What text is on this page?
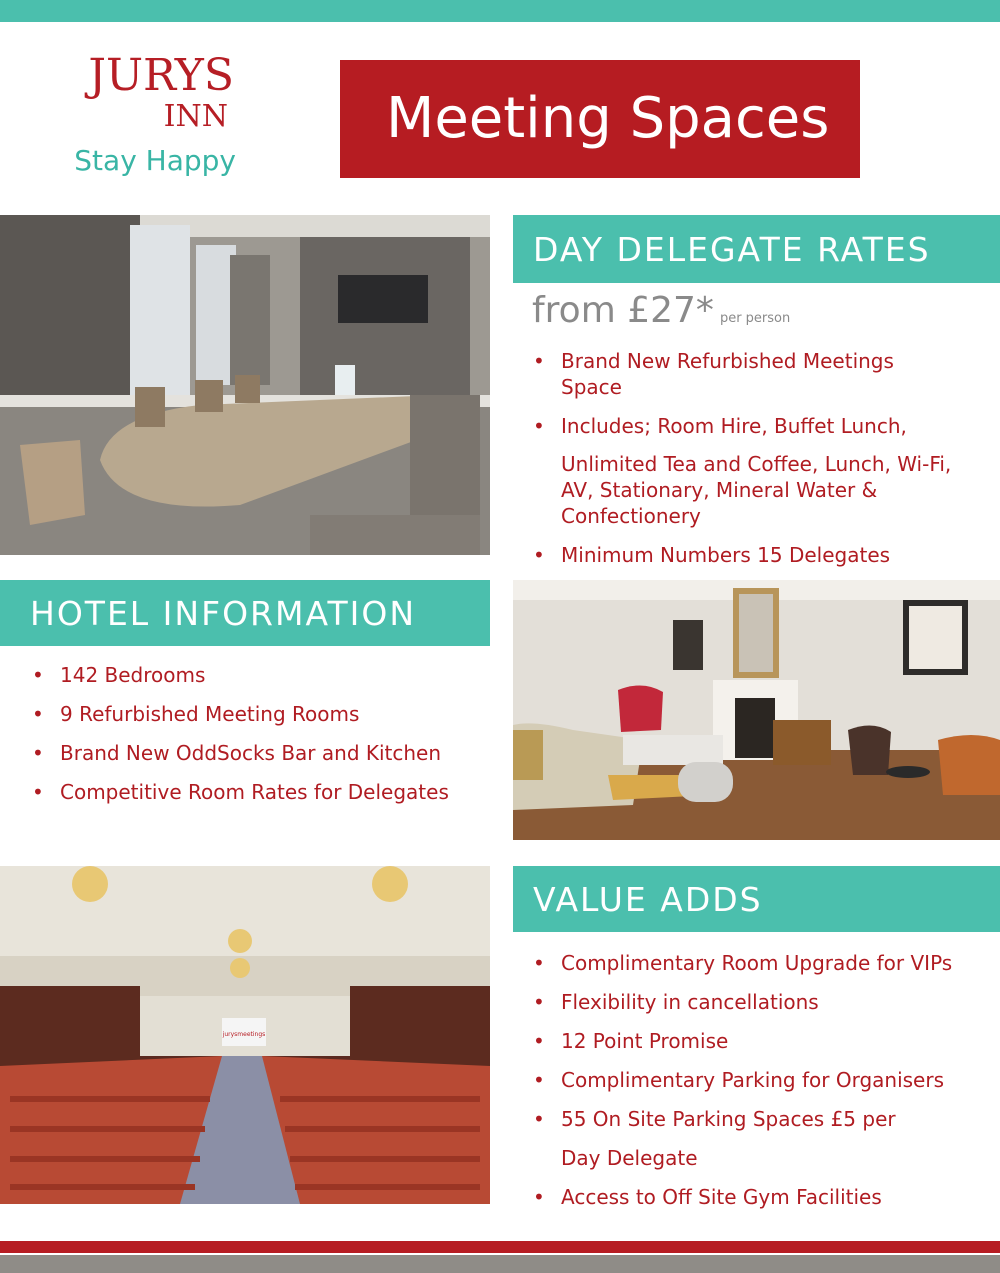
JURYS
INN
Stay Happy
Meeting Spaces
DAY DELEGATE RATES
from £27* per person
• Brand New Refurbished Meetings Space
• Includes; Room Hire, Buffet Lunch,
Unlimited Tea and Coffee, Lunch, Wi-Fi, AV, Stationary, Mineral Water & Confectionery
• Minimum Numbers 15 Delegates
HOTEL INFORMATION
• 142 Bedrooms
• 9 Refurbished Meeting Rooms
• Brand New OddSocks Bar and Kitchen
• Competitive Room Rates for Delegates
jurysmeetings
VALUE ADDS
• Complimentary Room Upgrade for VIPs
• Flexibility in cancellations
• 12 Point Promise
• Complimentary Parking for Organisers
• 55 On Site Parking Spaces £5 per
Day Delegate
• Access to Off Site Gym Facilities
